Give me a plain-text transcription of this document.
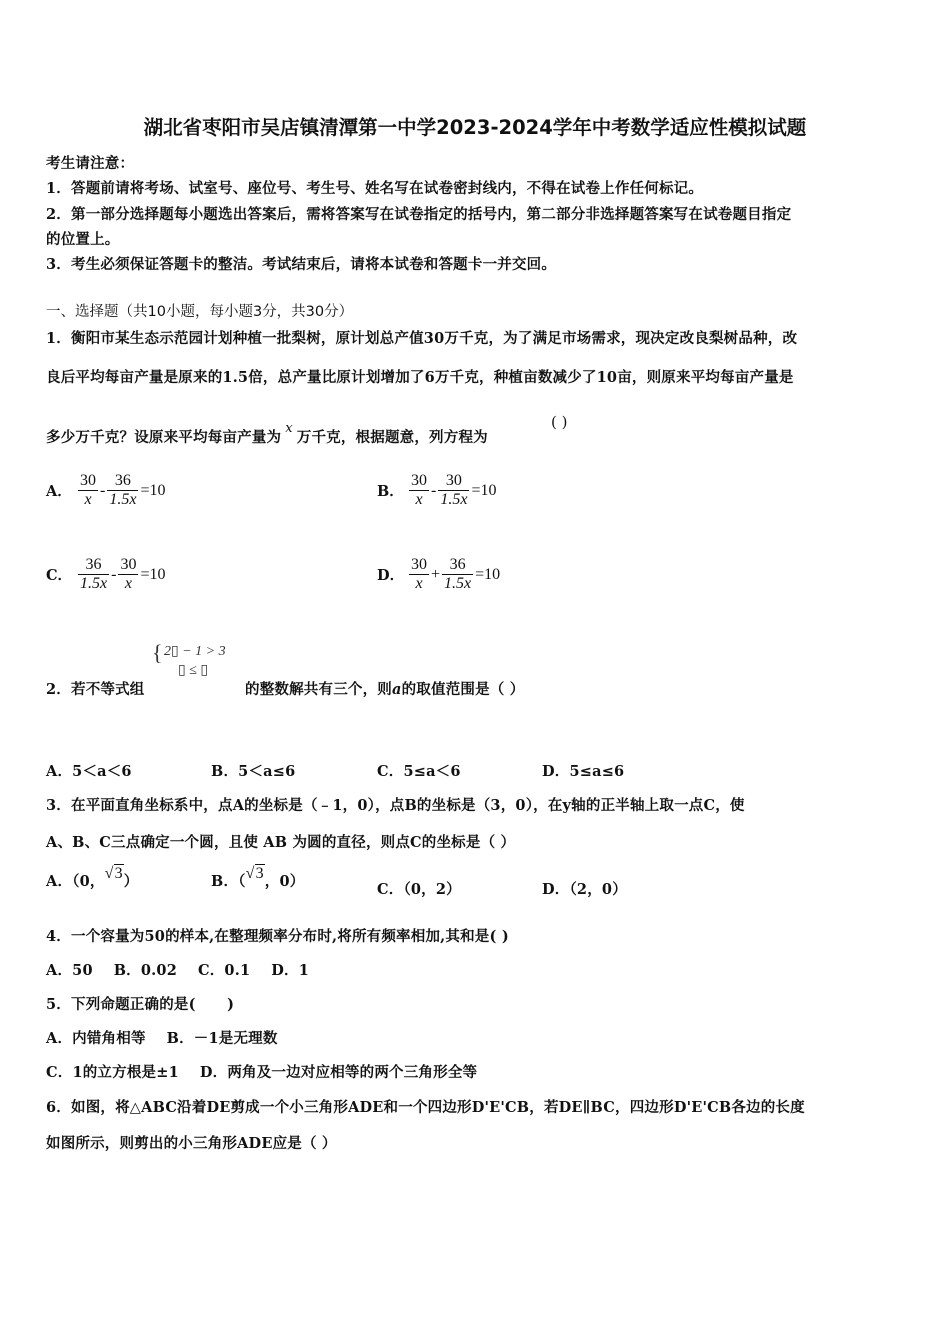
湖北省枣阳市吴店镇清潭第一中学2023-2024学年中考数学适应性模拟试题
考生请注意：
1．答题前请将考场、试室号、座位号、考生号、姓名写在试卷密封线内，不得在试卷上作任何标记。
2．第一部分选择题每小题选出答案后，需将答案写在试卷指定的括号内，第二部分非选择题答案写在试卷题目指定
的位置上。
3．考生必须保证答题卡的整洁。考试结束后，请将本试卷和答题卡一并交回。
一、选择题（共10小题，每小题3分，共30分）
1．衡阳市某生态示范园计划种植一批梨树，原计划总产值30万千克，为了满足市场需求，现决定改良梨树品种，改
良后平均每亩产量是原来的1.5倍，总产量比原计划增加了6万千克，种植亩数减少了10亩，则原来平均每亩产量是
多少万千克？设原来平均每亩产量为x万千克，根据题意，列方程为
( )
A． $\frac{30}{x} - \frac{36}{1.5x} =10$	B． $\frac{30}{x} - \frac{30}{1.5x} =10$
C． $\frac{36}{1.5x} - \frac{30}{x} =10$	D． $\frac{30}{x} + \frac{36}{1.5x} =10$
2．若不等式组
{ 2▯ − 1 > 3
▯ ≤ ▯
的整数解共有三个，则a的取值范围是（ ）
A．5＜a＜6	B．5＜a≤6	C．5≤a＜6	D．5≤a≤6
3．在平面直角坐标系中，点A的坐标是（﹣1，0），点B的坐标是（3，0），在y轴的正半轴上取一点C，使
A、B、C三点确定一个圆，且使 AB 为圆的直径，则点C的坐标是（ ）
A．（0，√3）	B．（√3，0）	C．（0，2）	D．（2，0）
4．一个容量为50的样本,在整理频率分布时,将所有频率相加,其和是( )
A．50    B．0.02    C．0.1    D．1
5．下列命题正确的是(      )
A．内错角相等    B．－1是无理数
C．1的立方根是±1    D．两角及一边对应相等的两个三角形全等
6．如图，将△ABC沿着DE剪成一个小三角形ADE和一个四边形D'E'CB，若DE∥BC，四边形D'E'CB各边的长度
如图所示，则剪出的小三角形ADE应是（ ）
